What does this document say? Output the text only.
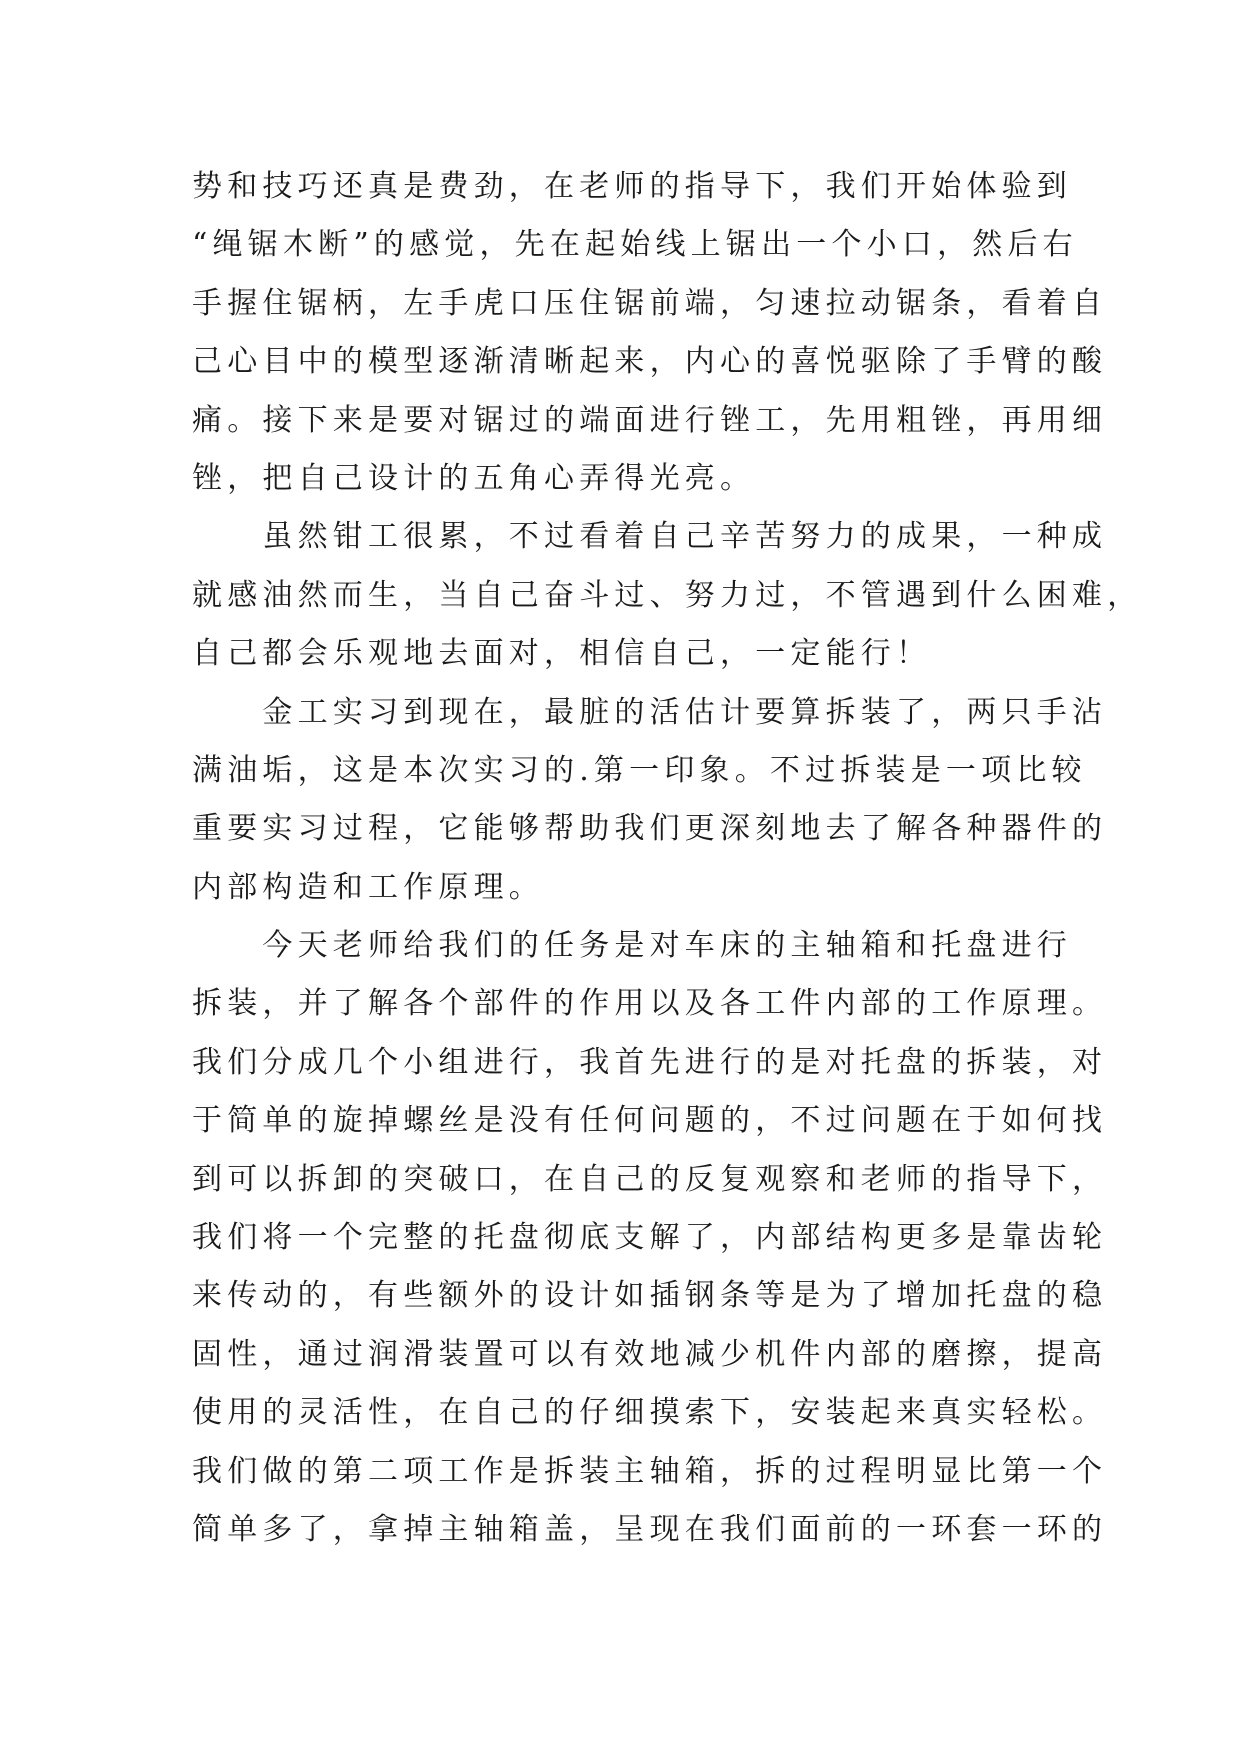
势和技巧还真是费劲，在老师的指导下，我们开始体验到
“绳锯木断”的感觉，先在起始线上锯出一个小口，然后右
手握住锯柄，左手虎口压住锯前端，匀速拉动锯条，看着自
己心目中的模型逐渐清晰起来，内心的喜悦驱除了手臂的酸
痛。接下来是要对锯过的端面进行锉工，先用粗锉，再用细
锉，把自己设计的五角心弄得光亮。
　　虽然钳工很累，不过看着自己辛苦努力的成果，一种成
就感油然而生，当自己奋斗过、努力过，不管遇到什么困难，
自己都会乐观地去面对，相信自己，一定能行！
　　金工实习到现在，最脏的活估计要算拆装了，两只手沾
满油垢，这是本次实习的.第一印象。不过拆装是一项比较
重要实习过程，它能够帮助我们更深刻地去了解各种器件的
内部构造和工作原理。
　　今天老师给我们的任务是对车床的主轴箱和托盘进行
拆装，并了解各个部件的作用以及各工件内部的工作原理。
我们分成几个小组进行，我首先进行的是对托盘的拆装，对
于简单的旋掉螺丝是没有任何问题的，不过问题在于如何找
到可以拆卸的突破口，在自己的反复观察和老师的指导下，
我们将一个完整的托盘彻底支解了，内部结构更多是靠齿轮
来传动的，有些额外的设计如插钢条等是为了增加托盘的稳
固性，通过润滑装置可以有效地减少机件内部的磨擦，提高
使用的灵活性，在自己的仔细摸索下，安装起来真实轻松。
我们做的第二项工作是拆装主轴箱，拆的过程明显比第一个
简单多了，拿掉主轴箱盖，呈现在我们面前的一环套一环的
